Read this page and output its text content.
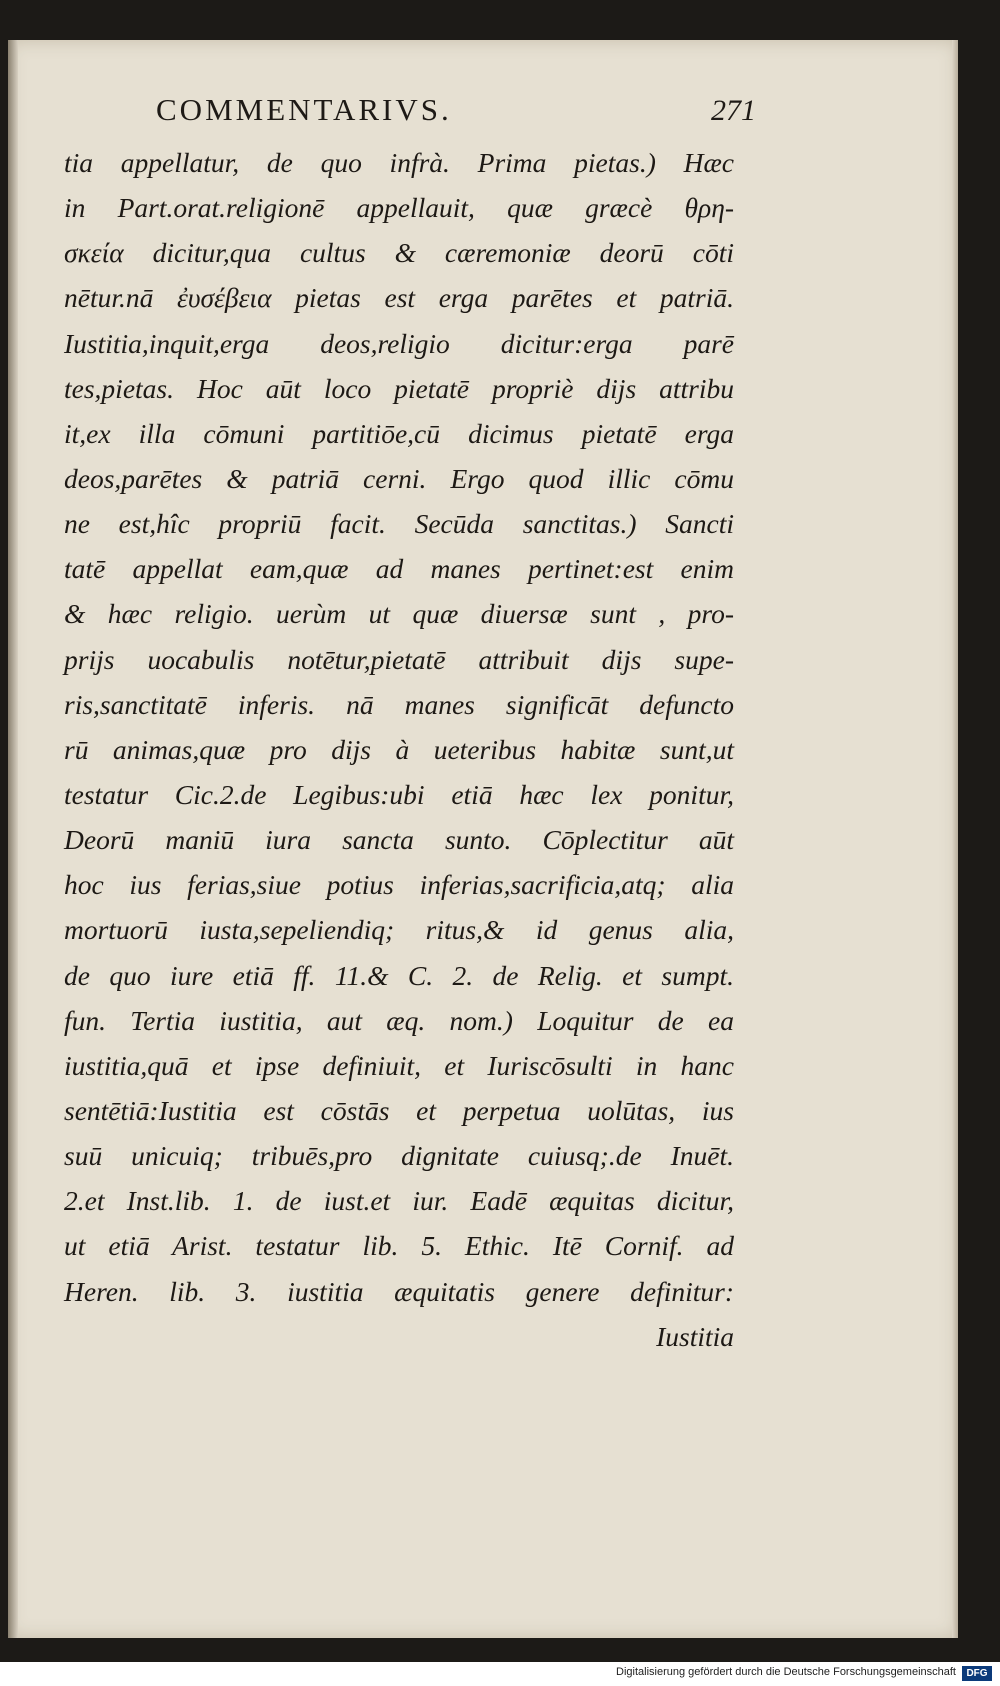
COMMENTARIVS.	271
tia appellatur, de quo infrà. Prima pietas.) Hæc
in Part.orat.religionē appellauit, quæ græcè θρη-
σκεία dicitur,qua cultus & cæremoniæ deorū cōti
nētur.nā ἐυσέβεια pietas est erga parētes et patriā.
Iustitia,inquit,erga deos,religio dicitur:erga parē
tes,pietas. Hoc aūt loco pietatē propriè dijs attribu
it,ex illa cōmuni partitiōe,cū dicimus pietatē erga
deos,parētes & patriā cerni. Ergo quod illic cōmu
ne est,hîc propriū facit. Secūda sanctitas.) Sancti
tatē appellat eam,quæ ad manes pertinet:est enim
& hæc religio. uerùm ut quæ diuersæ sunt , pro-
prijs uocabulis notētur,pietatē attribuit dijs supe-
ris,sanctitatē inferis. nā manes significāt defuncto
rū animas,quæ pro dijs à ueteribus habitæ sunt,ut
testatur Cic.2.de Legibus:ubi etiā hæc lex ponitur,
Deorū maniū iura sancta sunto. Cōplectitur aūt
hoc ius ferias,siue potius inferias,sacrificia,atq; alia
mortuorū iusta,sepeliendiq; ritus,& id genus alia,
de quo iure etiā ff. 11.& C. 2. de Relig. et sumpt.
fun. Tertia iustitia, aut æq. nom.) Loquitur de ea
iustitia,quā et ipse definiuit, et Iuriscōsulti in hanc
sentētiā:Iustitia est cōstās et perpetua uolūtas, ius
suū unicuiq; tribuēs,pro dignitate cuiusq;.de Inuēt.
2.et Inst.lib. 1. de iust.et iur. Eadē æquitas dicitur,
ut etiā Arist. testatur lib. 5. Ethic. Itē Cornif. ad
Heren. lib. 3. iustitia æquitatis genere definitur:
Iustitia
Digitalisierung gefördert durch die Deutsche Forschungsgemeinschaft	DFG
